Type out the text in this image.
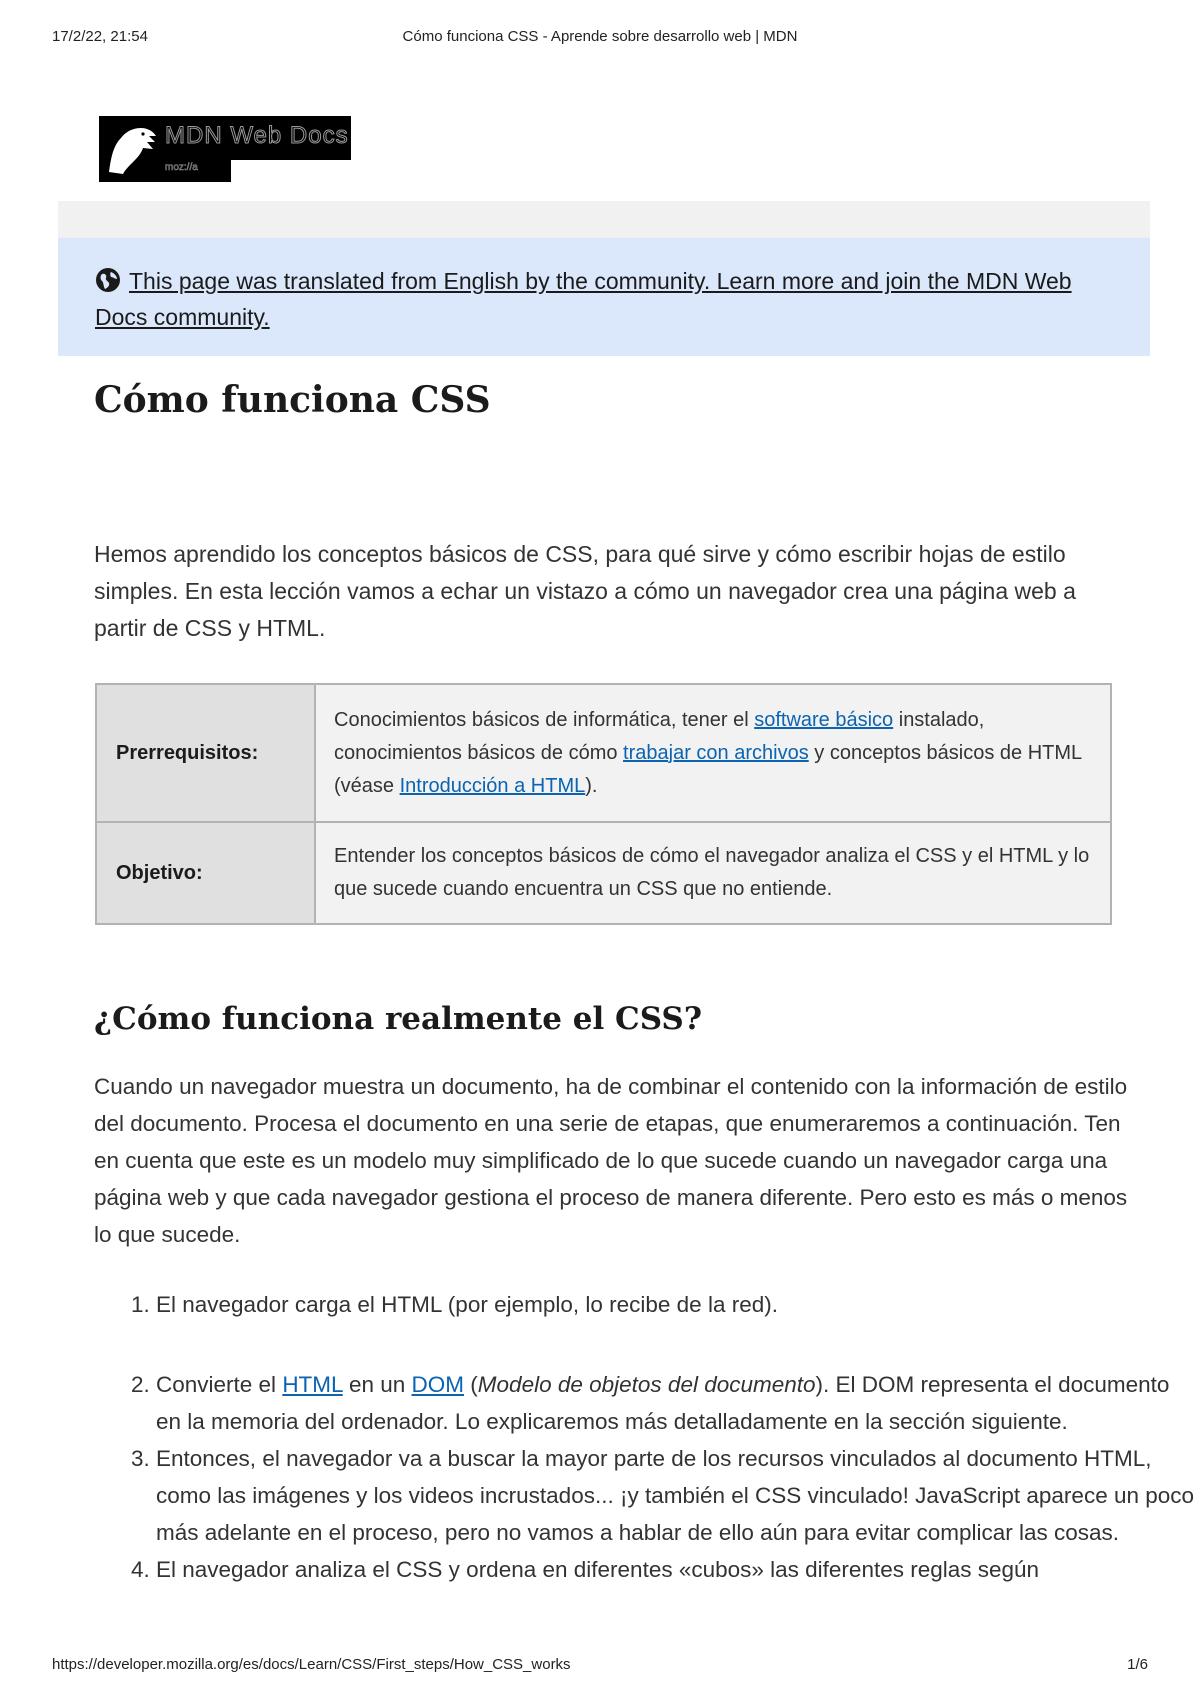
17/2/22, 21:54	Cómo funciona CSS - Aprende sobre desarrollo web | MDN
MDN Web Docs
moz://a

This page was translated from English by the community. Learn more and join the MDN Web Docs community.

Cómo funciona CSS

Hemos aprendido los conceptos básicos de CSS, para qué sirve y cómo escribir hojas de estilo simples. En esta lección vamos a echar un vistazo a cómo un navegador crea una página web a partir de CSS y HTML.

Prerrequisitos:	Conocimientos básicos de informática, tener el software básico instalado, conocimientos básicos de cómo trabajar con archivos y conceptos básicos de HTML (véase Introducción a HTML).
Objetivo:	Entender los conceptos básicos de cómo el navegador analiza el CSS y el HTML y lo que sucede cuando encuentra un CSS que no entiende.
¿Cómo funciona realmente el CSS?

Cuando un navegador muestra un documento, ha de combinar el contenido con la información de estilo del documento. Procesa el documento en una serie de etapas, que enumeraremos a continuación. Ten en cuenta que este es un modelo muy simplificado de lo que sucede cuando un navegador carga una página web y que cada navegador gestiona el proceso de manera diferente. Pero esto es más o menos lo que sucede.

1. El navegador carga el HTML (por ejemplo, lo recibe de la red).
2. Convierte el HTML en un DOM (Modelo de objetos del documento). El DOM representa el documento en la memoria del ordenador. Lo explicaremos más detalladamente en la sección siguiente.
3. Entonces, el navegador va a buscar la mayor parte de los recursos vinculados al documento HTML, como las imágenes y los videos incrustados... ¡y también el CSS vinculado! JavaScript aparece un poco más adelante en el proceso, pero no vamos a hablar de ello aún para evitar complicar las cosas.
4. El navegador analiza el CSS y ordena en diferentes «cubos» las diferentes reglas según
https://developer.mozilla.org/es/docs/Learn/CSS/First_steps/How_CSS_works	1/6
